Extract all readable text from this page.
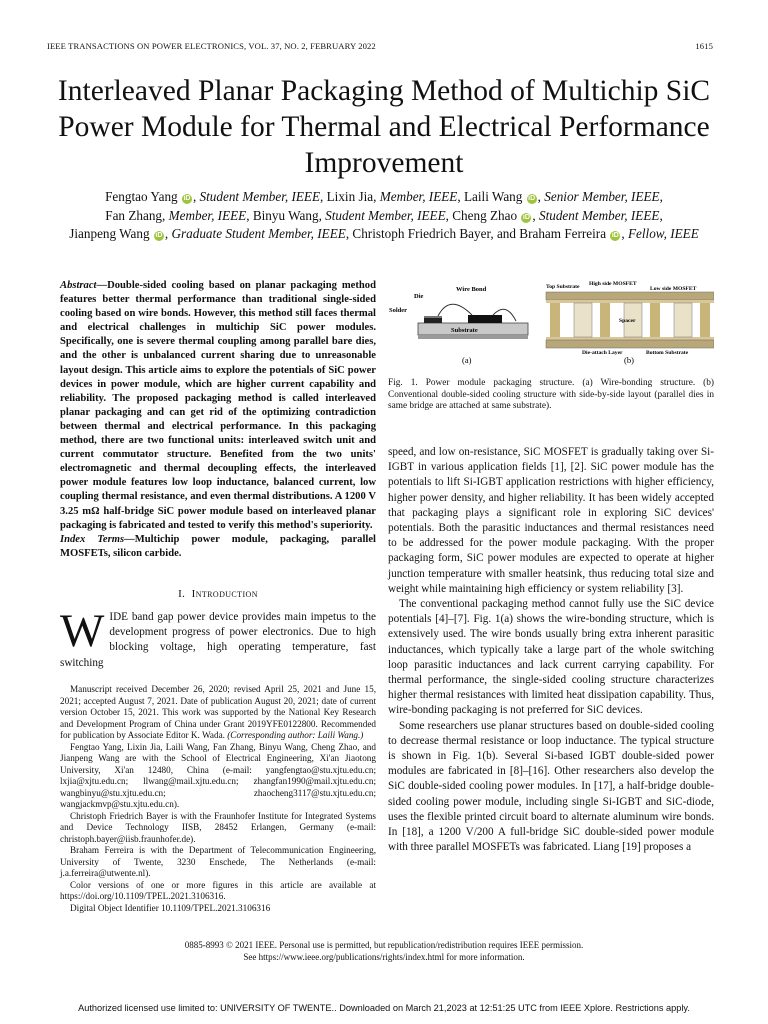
IEEE TRANSACTIONS ON POWER ELECTRONICS, VOL. 37, NO. 2, FEBRUARY 2022	1615
Interleaved Planar Packaging Method of Multichip SiC Power Module for Thermal and Electrical Performance Improvement
Fengtao Yang iD , Student Member, IEEE, Lixin Jia, Member, IEEE, Laili Wang iD , Senior Member, IEEE,
Fan Zhang, Member, IEEE, Binyu Wang, Student Member, IEEE, Cheng Zhao iD , Student Member, IEEE,
Jianpeng Wang iD , Graduate Student Member, IEEE, Christoph Friedrich Bayer, and Braham Ferreira iD , Fellow, IEEE
Abstract—Double-sided cooling based on planar packaging method features better thermal performance than traditional single-sided cooling based on wire bonds. However, this method still faces thermal and electrical challenges in multichip SiC power modules. Specifically, one is severe thermal coupling among parallel bare dies, and the other is unbalanced current sharing due to unreasonable layout design. This article aims to explore the potentials of SiC power devices in power module, which are higher current capability and reliability. The proposed packaging method is called interleaved planar packaging and can get rid of the optimizing contradiction between thermal and electrical performance. In this packaging method, there are two functional units: interleaved switch unit and current commutator structure. Benefited from the two units' electromagnetic and thermal decoupling effects, the interleaved power module features low loop inductance, balanced current, low coupling thermal resistance, and even thermal distributions. A 1200 V 3.25 mΩ half-bridge SiC power module based on interleaved planar packaging is fabricated and tested to verify this method's superiority.
Index Terms—Multichip power module, packaging, parallel MOSFETs, silicon carbide.
I. Introduction
WIDE band gap power device provides main impetus to the development progress of power electronics. Due to high blocking voltage, high operating temperature, fast switching

Manuscript received December 26, 2020; revised April 25, 2021 and June 15, 2021; accepted August 7, 2021. Date of publication August 20, 2021; date of current version October 15, 2021. This work was supported by the National Key Research and Development Program of China under Grant 2019YFE0122800. Recommended for publication by Associate Editor K. Wada. (Corresponding author: Laili Wang.)

Fengtao Yang, Lixin Jia, Laili Wang, Fan Zhang, Binyu Wang, Cheng Zhao, and Jianpeng Wang are with the School of Electrical Engineering, Xi'an Jiaotong University, Xi'an 12480, China (e-mail: yangfengtao@stu.xjtu.edu.cn; lxjia@xjtu.edu.cn; llwang@mail.xjtu.edu.cn; zhangfan1990@mail.xjtu.edu.cn; wangbinyu@stu.xjtu.edu.cn; zhaocheng3117@stu.xjtu.edu.cn; wangjackmvp@stu.xjtu.edu.cn).

Christoph Friedrich Bayer is with the Fraunhofer Institute for Integrated Systems and Device Technology IISB, 28452 Erlangen, Germany (e-mail: christoph.bayer@iisb.fraunhofer.de).

Braham Ferreira is with the Department of Telecommunication Engineering, University of Twente, 3230 Enschede, The Netherlands (e-mail: j.a.ferreira@utwente.nl).

Color versions of one or more figures in this article are available at https://doi.org/10.1109/TPEL.2021.3106316.

Digital Object Identifier 10.1109/TPEL.2021.3106316

Wire Bond
Die
Solder
Substrate
(a)
Top Substrate High side MOSFET
Low side MOSFET
Spacer
Die-attach Layer	Bottom Substrate
(b)
Fig. 1. Power module packaging structure. (a) Wire-bonding structure. (b) Conventional double-sided cooling structure with side-by-side layout (parallel dies in same bridge are attached at same substrate).

speed, and low on-resistance, SiC MOSFET is gradually taking over Si-IGBT in various application fields [1], [2]. SiC power module has the potentials to lift Si-IGBT application restrictions with higher efficiency, higher power density, and higher reliability. It has been widely accepted that packaging plays a significant role in exploring SiC devices' potentials. Both the parasitic inductances and thermal resistances need to be addressed for the power module packaging. With the proper packaging form, SiC power modules are expected to operate at higher junction temperature with smaller heatsink, thus reducing total size and weight while maintaining high efficiency or system reliability [3].

The conventional packaging method cannot fully use the SiC device potentials [4]–[7]. Fig. 1(a) shows the wire-bonding structure, which is extensively used. The wire bonds usually bring extra inherent parasitic inductances, which typically take a large part of the whole switching loop parasitic inductances and lack current carrying capability. For thermal performance, the single-sided cooling structure characterizes higher thermal resistances with limited heat dissipation capability. Thus, wire-bonding packaging is not preferred for SiC devices.

Some researchers use planar structures based on double-sided cooling to decrease thermal resistance or loop inductance. The typical structure is shown in Fig. 1(b). Several Si-based IGBT double-sided power modules are fabricated in [8]–[16]. Other researchers also develop the SiC double-sided cooling power modules. In [17], a half-bridge double-sided cooling power module, including single Si-IGBT and SiC-diode, uses the flexible printed circuit board to alternate aluminum wire bonds. In [18], a 1200 V/200 A full-bridge SiC double-sided power module with three parallel MOSFETs was fabricated. Liang [19] proposes a

0885-8993 © 2021 IEEE. Personal use is permitted, but republication/redistribution requires IEEE permission.
See https://www.ieee.org/publications/rights/index.html for more information.
Authorized licensed use limited to: UNIVERSITY OF TWENTE.. Downloaded on March 21,2023 at 12:51:25 UTC from IEEE Xplore. Restrictions apply.
